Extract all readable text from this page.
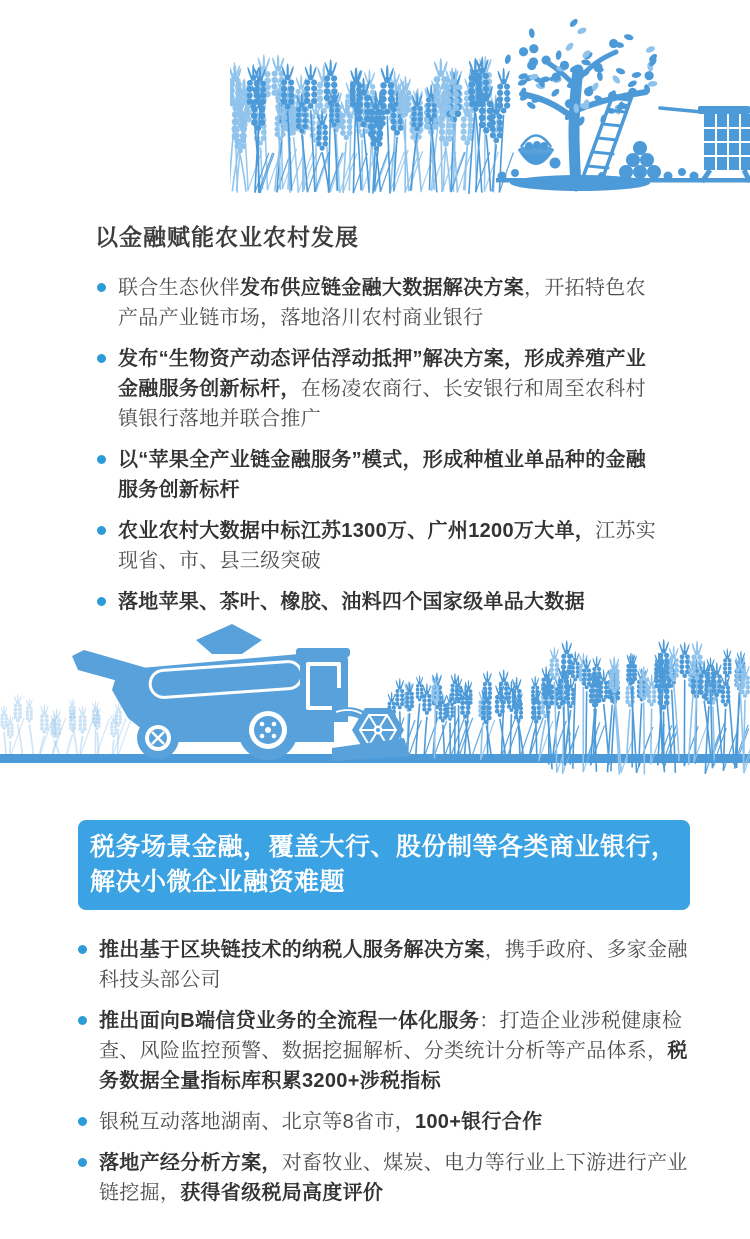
以金融赋能农业农村发展

联合生态伙伴发布供应链金融大数据解决方案，开拓特色农产品产业链市场，落地洛川农村商业银行

发布“生物资产动态评估浮动抵押”解决方案，形成养殖产业金融服务创新标杆，在杨凌农商行、长安银行和周至农科村镇银行落地并联合推广

以“苹果全产业链金融服务”模式，形成种植业单品种的金融服务创新标杆

农业农村大数据中标江苏1300万、广州1200万大单，江苏实现省、市、县三级突破

落地苹果、茶叶、橡胶、油料四个国家级单品大数据

税务场景金融，覆盖大行、股份制等各类商业银行，
解决小微企业融资难题

推出基于区块链技术的纳税人服务解决方案，携手政府、多家金融科技头部公司

推出面向B端信贷业务的全流程一体化服务：打造企业涉税健康检查、风险监控预警、数据挖掘解析、分类统计分析等产品体系，税务数据全量指标库积累3200+涉税指标

银税互动落地湖南、北京等8省市，100+银行合作

落地产经分析方案，对畜牧业、煤炭、电力等行业上下游进行产业链挖掘，获得省级税局高度评价
